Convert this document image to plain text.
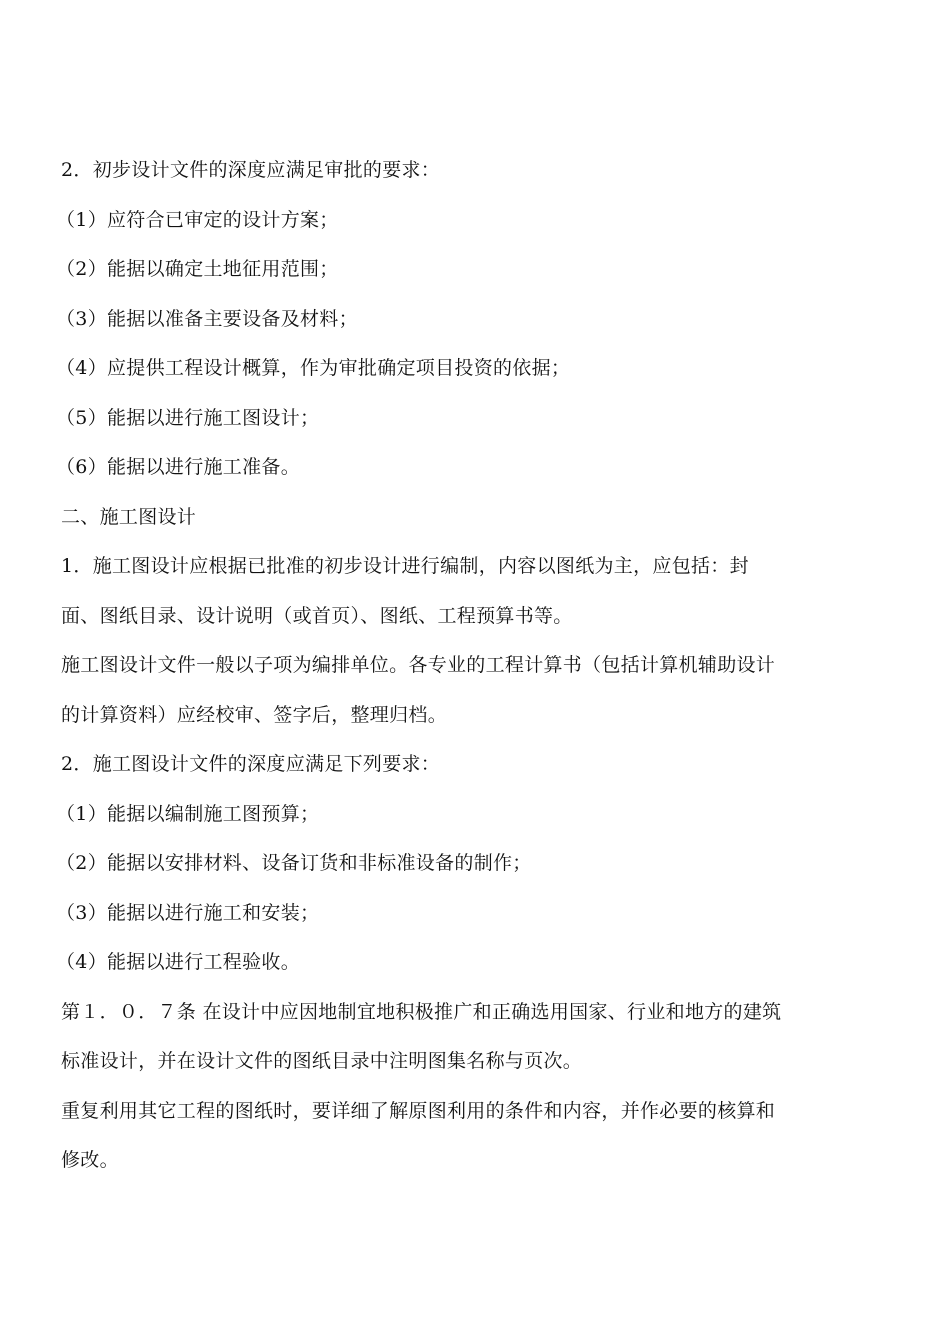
2．初步设计文件的深度应满足审批的要求：
（1）应符合已审定的设计方案；
（2）能据以确定土地征用范围；
（3）能据以准备主要设备及材料；
（4）应提供工程设计概算，作为审批确定项目投资的依据；
（5）能据以进行施工图设计；
（6）能据以进行施工准备。
二、施工图设计
1．施工图设计应根据已批准的初步设计进行编制，内容以图纸为主，应包括：封
面、图纸目录、设计说明（或首页）、图纸、工程预算书等。
施工图设计文件一般以子项为编排单位。各专业的工程计算书（包括计算机辅助设计
的计算资料）应经校审、签字后，整理归档。
2．施工图设计文件的深度应满足下列要求：
（1）能据以编制施工图预算；
（2）能据以安排材料、设备订货和非标准设备的制作；
（3）能据以进行施工和安装；
（4）能据以进行工程验收。
第１．０．７条 在设计中应因地制宜地积极推广和正确选用国家、行业和地方的建筑
标准设计，并在设计文件的图纸目录中注明图集名称与页次。
重复利用其它工程的图纸时，要详细了解原图利用的条件和内容，并作必要的核算和
修改。
